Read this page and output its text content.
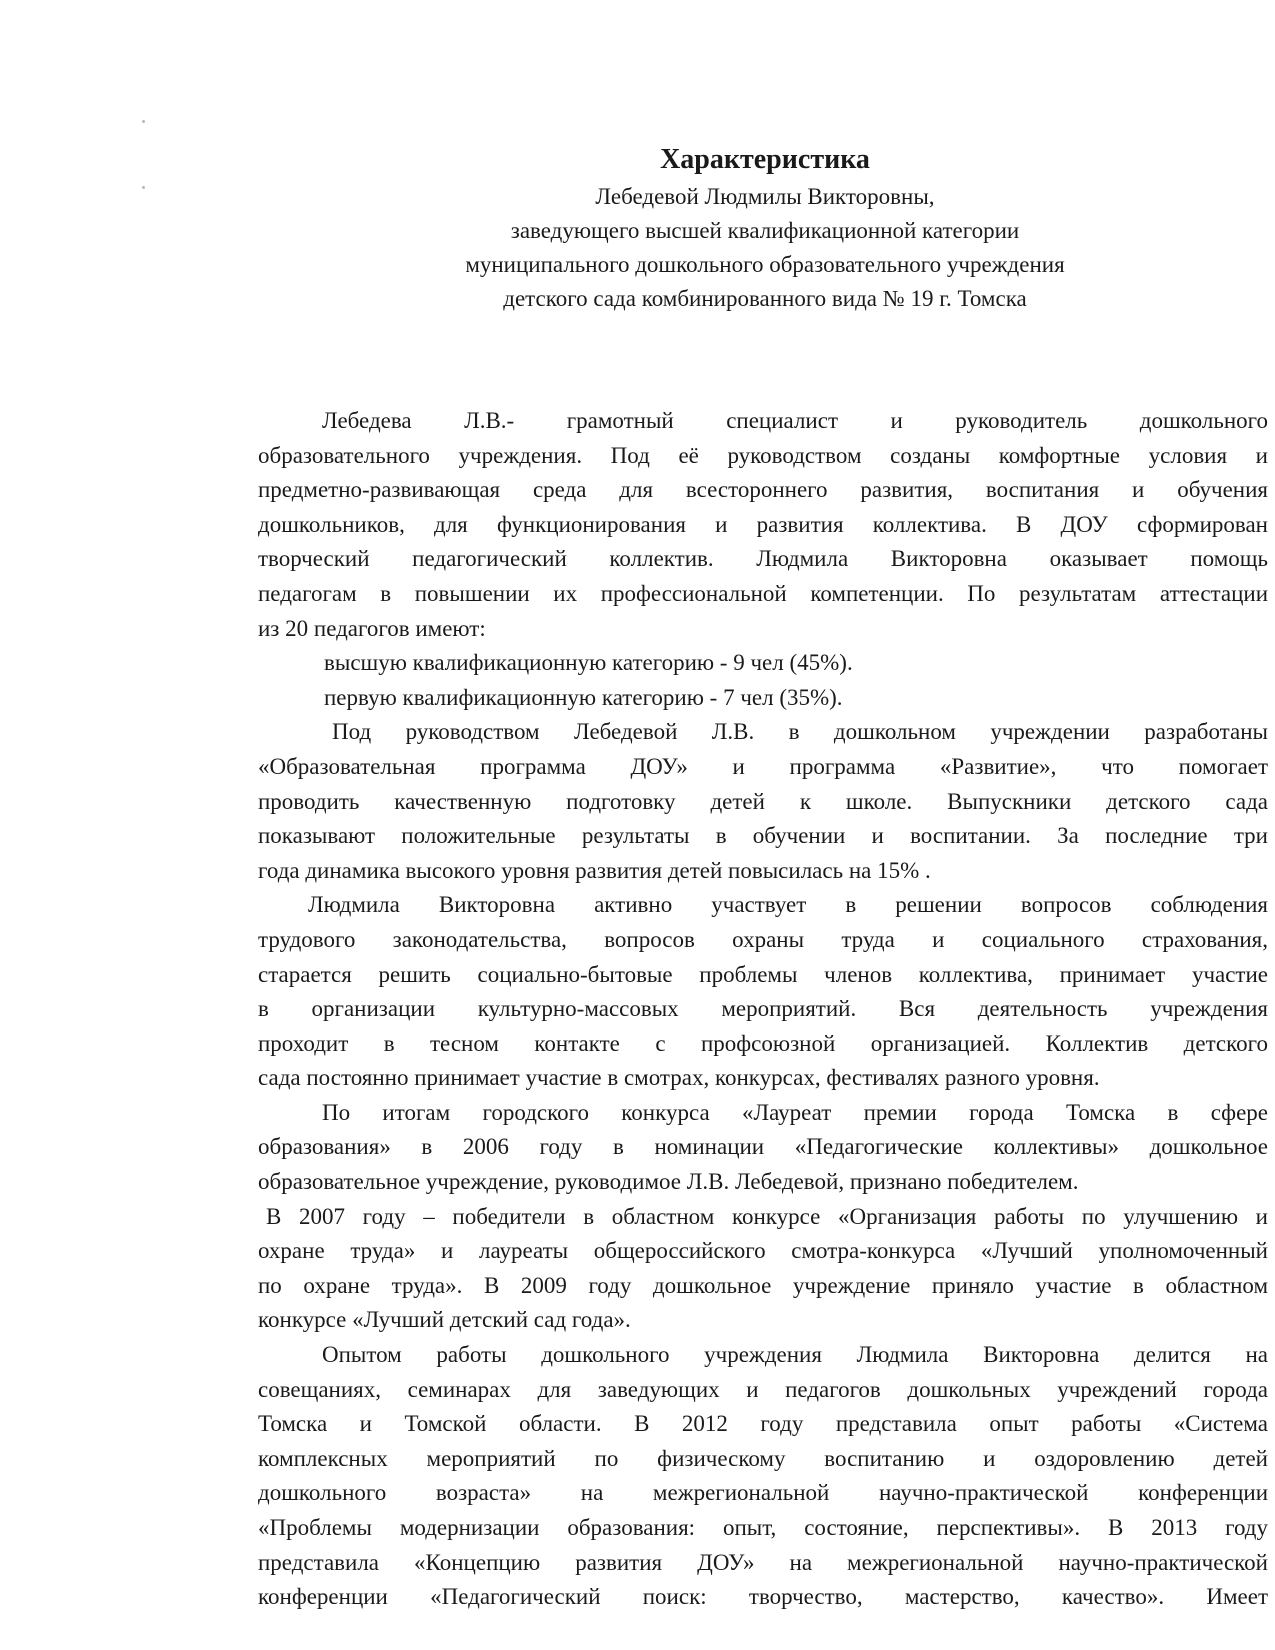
Характеристика
Лебедевой Людмилы Викторовны,
заведующего высшей квалификационной категории
муниципального дошкольного образовательного учреждения
детского сада комбинированного вида № 19 г. Томска
Лебедева Л.В.- грамотный специалист и руководитель дошкольного
образовательного учреждения. Под её руководством созданы комфортные условия и
предметно-развивающая среда для всестороннего развития, воспитания и обучения
дошкольников, для функционирования и развития коллектива. В ДОУ сформирован
творческий педагогический коллектив. Людмила Викторовна оказывает помощь
педагогам в повышении их профессиональной компетенции. По результатам аттестации
из 20 педагогов имеют:
высшую квалификационную категорию - 9 чел (45%).
первую квалификационную категорию - 7 чел (35%).
Под руководством Лебедевой Л.В. в дошкольном учреждении разработаны
«Образовательная программа ДОУ» и программа «Развитие», что помогает
проводить качественную подготовку детей к школе. Выпускники детского сада
показывают положительные результаты в обучении и воспитании. За последние три
года динамика высокого уровня развития детей повысилась на 15% .
Людмила Викторовна активно участвует в решении вопросов соблюдения
трудового законодательства, вопросов охраны труда и социального страхования,
старается решить социально-бытовые проблемы членов коллектива, принимает участие
в организации культурно-массовых мероприятий. Вся деятельность учреждения
проходит в тесном контакте с профсоюзной организацией. Коллектив детского
сада постоянно принимает участие в смотрах, конкурсах, фестивалях разного уровня.
По итогам городского конкурса «Лауреат премии города Томска в сфере
образования» в 2006 году в номинации «Педагогические коллективы» дошкольное
образовательное учреждение, руководимое Л.В. Лебедевой, признано победителем.
В 2007 году – победители в областном конкурсе «Организация работы по улучшению и
охране труда» и лауреаты общероссийского смотра-конкурса «Лучший уполномоченный
по охране труда». В 2009 году дошкольное учреждение приняло участие в областном
конкурсе «Лучший детский сад года».
Опытом работы дошкольного учреждения Людмила Викторовна делится на
совещаниях, семинарах для заведующих и педагогов дошкольных учреждений города
Томска и Томской области. В 2012 году представила опыт работы «Система
комплексных мероприятий по физическому воспитанию и оздоровлению детей
дошкольного возраста» на межрегиональной научно-практической конференции
«Проблемы модернизации образования: опыт, состояние, перспективы». В 2013 году
представила «Концепцию развития ДОУ» на межрегиональной научно-практической
конференции «Педагогический поиск: творчество, мастерство, качество». Имеет
